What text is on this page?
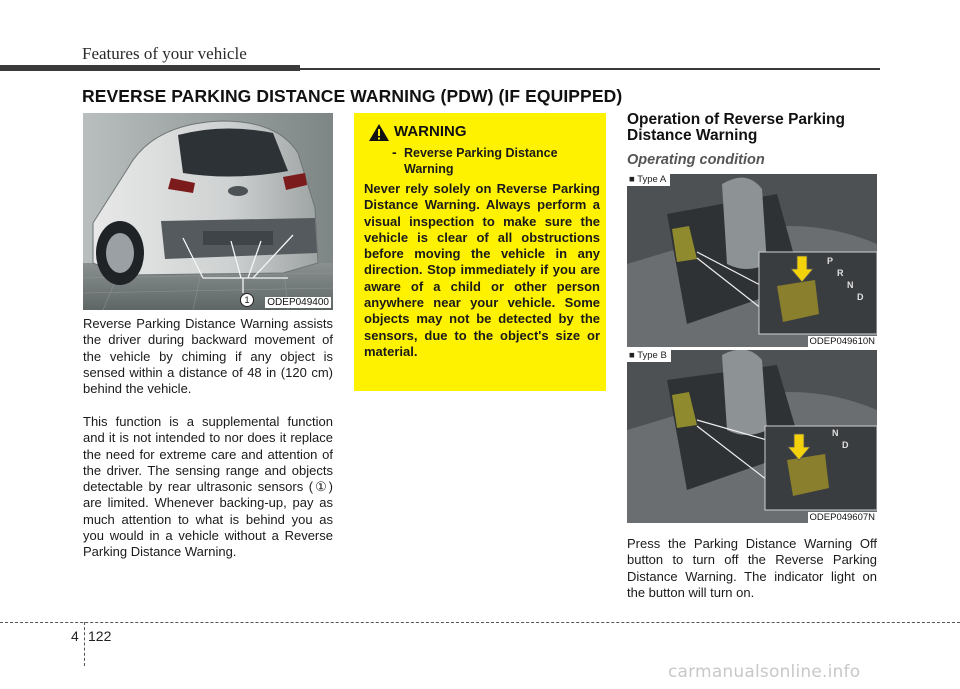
Features of your vehicle
REVERSE PARKING DISTANCE WARNING (PDW) (IF EQUIPPED)
1	ODEP049400
Reverse Parking Distance Warning assists the driver during backward movement of the vehicle by chiming if any object is sensed within a distance of 48 in (120 cm) behind the vehicle.
This function is a supplemental function and it is not intended to nor does it replace the need for extreme care and attention of the driver. The sensing range and objects detectable by rear ultrasonic sensors (①) are limited. Whenever backing-up, pay as much attention to what is behind you as you would in a vehicle without a Reverse Parking Distance Warning.
WARNING
- Reverse Parking Distance Warning
Never rely solely on Reverse Parking Distance Warning. Always perform a visual inspection to make sure the vehicle is clear of all obstructions before moving the vehicle in any direction. Stop immediately if you are aware of a child or other person anywhere near your vehicle. Some objects may not be detected by the sensors, due to the object's size or material.
Operation of Reverse Parking Distance Warning
Operating condition
P
R
N
D
■ Type A
ODEP049610N
N
D
■ Type B
ODEP049607N
Press the Parking Distance Warning Off button to turn off the Reverse Parking Distance Warning. The indicator light on the button will turn on.
4 122
carmanualsonline.info
